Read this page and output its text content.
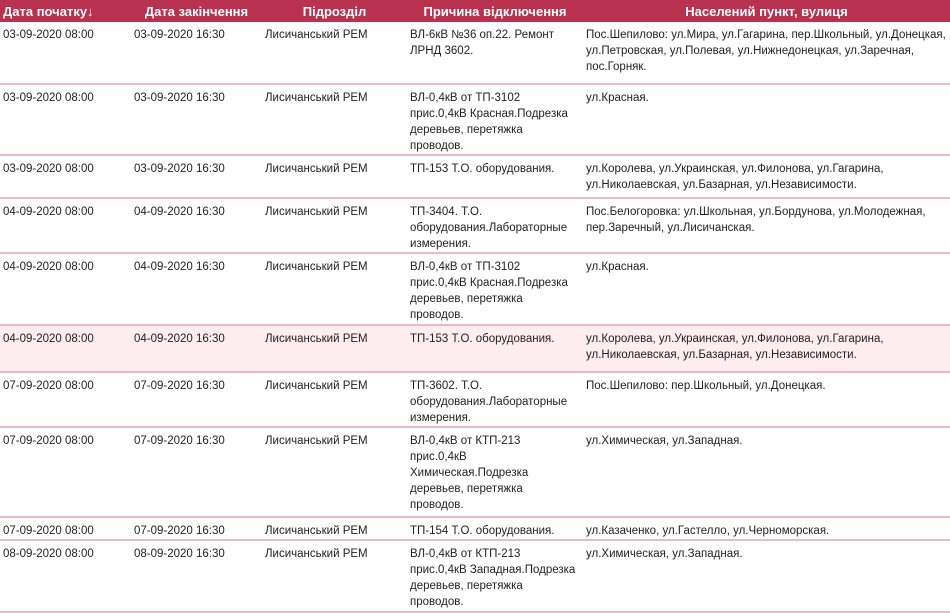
Дата початку↓	Дата закінчення	Підрозділ	Причина відключення	Населений пункт, вулиця
03-09-2020 08:00	03-09-2020 16:30	Лисичанський РЕМ	ВЛ-6кВ №36 оп.22. Ремонт
ЛРНД 3602.	Пос.Шепилово: ул.Мира, ул.Гагарина, пер.Школьный, ул.Донецкая,
ул.Петровская, ул.Полевая, ул.Нижнедонецкая, ул.Заречная,
пос.Горняк.
03-09-2020 08:00	03-09-2020 16:30	Лисичанський РЕМ	ВЛ-0,4кВ от ТП-3102
прис.0,4кВ Красная.Подрезка
деревьев, перетяжка
проводов.	ул.Красная.
03-09-2020 08:00	03-09-2020 16:30	Лисичанський РЕМ	ТП-153 Т.О. оборудования.	ул.Королева, ул.Украинская, ул.Филонова, ул.Гагарина,
ул.Николаевская, ул.Базарная, ул.Независимости.
04-09-2020 08:00	04-09-2020 16:30	Лисичанський РЕМ	ТП-3404. Т.О.
оборудования.Лабораторные
измерения.	Пос.Белогоровка: ул.Школьная, ул.Бордунова, ул.Молодежная,
пер.Заречный, ул.Лисичанская.
04-09-2020 08:00	04-09-2020 16:30	Лисичанський РЕМ	ВЛ-0,4кВ от ТП-3102
прис.0,4кВ Красная.Подрезка
деревьев, перетяжка
проводов.	ул.Красная.
04-09-2020 08:00	04-09-2020 16:30	Лисичанський РЕМ	ТП-153 Т.О. оборудования.	ул.Королева, ул.Украинская, ул.Филонова, ул.Гагарина,
ул.Николаевская, ул.Базарная, ул.Независимости.
07-09-2020 08:00	07-09-2020 16:30	Лисичанський РЕМ	ТП-3602. Т.О.
оборудования.Лабораторные
измерения.	Пос.Шепилово: пер.Школьный, ул.Донецкая.
07-09-2020 08:00	07-09-2020 16:30	Лисичанський РЕМ	ВЛ-0,4кВ от КТП-213
прис.0,4кВ
Химическая.Подрезка
деревьев, перетяжка
проводов.	ул.Химическая, ул.Западная.
07-09-2020 08:00	07-09-2020 16:30	Лисичанський РЕМ	ТП-154 Т.О. оборудования.	ул.Казаченко, ул.Гастелло, ул.Черноморская.
08-09-2020 08:00	08-09-2020 16:30	Лисичанський РЕМ	ВЛ-0,4кВ от КТП-213
прис.0,4кВ Западная.Подрезка
деревьев, перетяжка
проводов.	ул.Химическая, ул.Западная.
